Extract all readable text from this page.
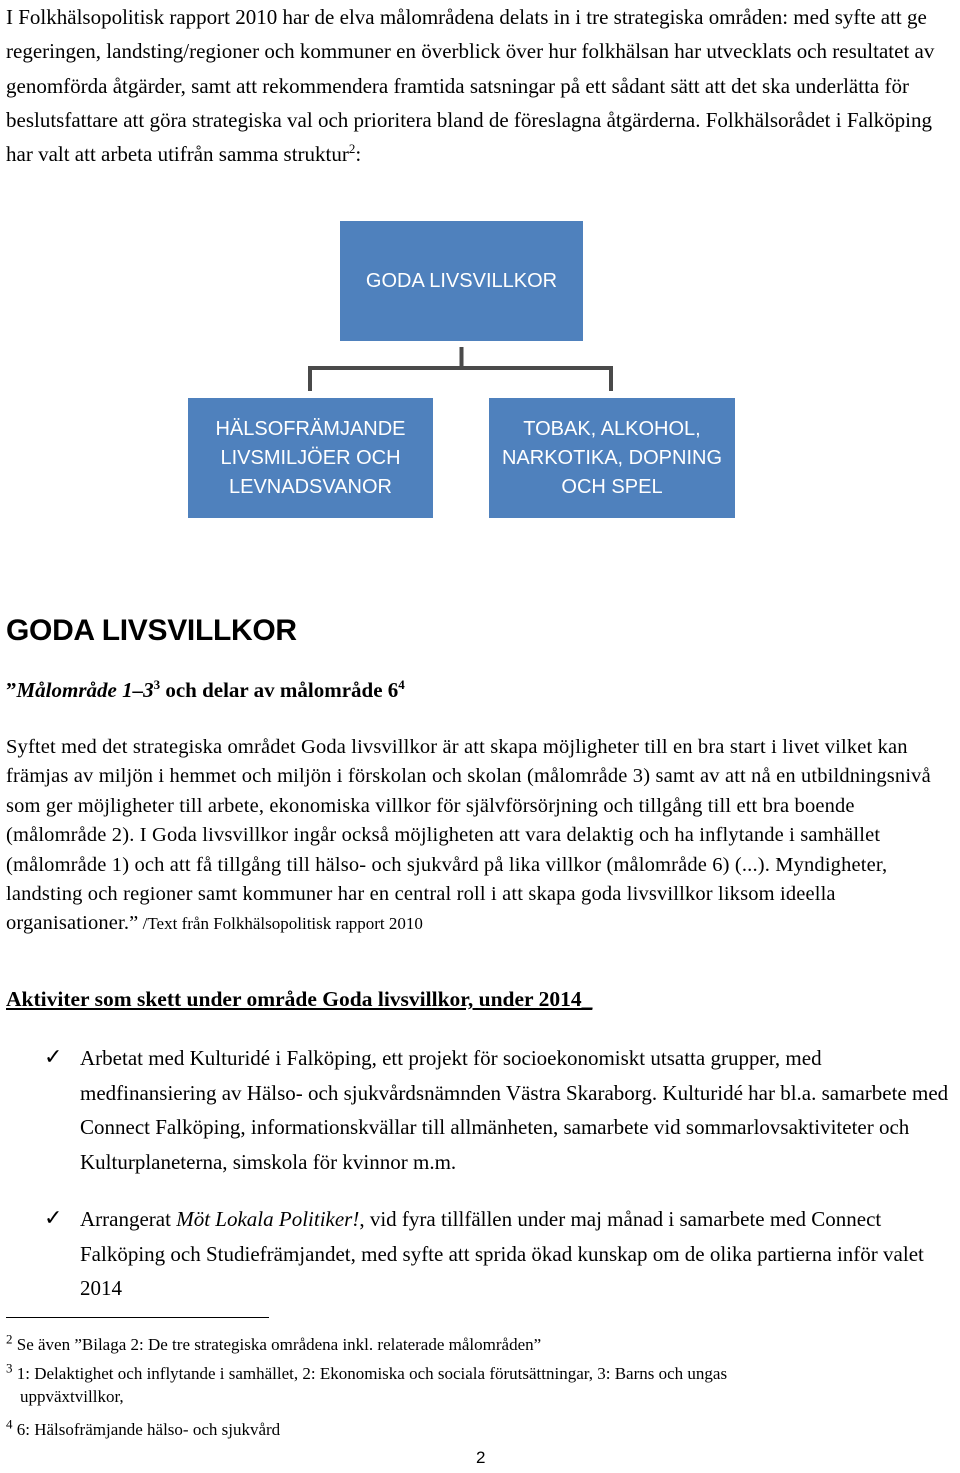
I Folkhälsopolitisk rapport 2010 har de elva målområdena delats in i tre strategiska områden: med syfte att ge regeringen, landsting/regioner och kommuner en överblick över hur folkhälsan har utvecklats och resultatet av genomförda åtgärder, samt att rekommendera framtida satsningar på ett sådant sätt att det ska underlätta för beslutsfattare att göra strategiska val och prioritera bland de föreslagna åtgärderna. Folkhälsorådet i Falköping har valt att arbeta utifrån samma struktur$^2$:
GODA LIVSVILLKOR
HÄLSOFRÄMJANDE
LIVSMILJÖER OCH
LEVNADSVANOR
TOBAK, ALKOHOL,
NARKOTIKA, DOPNING
OCH SPEL
GODA LIVSVILLKOR
”Målområde $1-3^3$ och delar av målområde $6^4$
Syftet med det strategiska området Goda livsvillkor är att skapa möjligheter till en bra start i livet vilket kan främjas av miljön i hemmet och miljön i förskolan och skolan (målområde 3) samt av att nå en utbildningsnivå som ger möjligheter till arbete, ekonomiska villkor för självförsörjning och tillgång till ett bra boende (målområde 2). I Goda livsvillkor ingår också möjligheten att vara delaktig och ha inflytande i samhället (målområde 1) och att få tillgång till hälso- och sjukvård på lika villkor (målområde 6) (...). Myndigheter, landsting och regioner samt kommuner har en central roll i att skapa goda livsvillkor liksom ideella organisationer.” /Text från Folkhälsopolitisk rapport 2010
Aktiviter som skett under område Goda livsvillkor, under 2014_
✓ Arbetat med Kulturidé i Falköping, ett projekt för socioekonomiskt utsatta grupper, med medfinansiering av Hälso- och sjukvårdsnämnden Västra Skaraborg. Kulturidé har bl.a. samarbete med Connect Falköping, informationskvällar till allmänheten, samarbete vid sommarlovsaktiviteter och Kulturplaneterna, simskola för kvinnor m.m.
✓ Arrangerat Möt Lokala Politiker!, vid fyra tillfällen under maj månad i samarbete med Connect Falköping och Studiefrämjandet, med syfte att sprida ökad kunskap om de olika partierna inför valet 2014
$^2$ Se även ”Bilaga 2: De tre strategiska områdena inkl. relaterade målområden”
$^3$ 1: Delaktighet och inflytande i samhället, 2: Ekonomiska och sociala förutsättningar, 3: Barns och ungas
uppväxtvillkor,
$^4$ 6: Hälsofrämjande hälso- och sjukvård
2
